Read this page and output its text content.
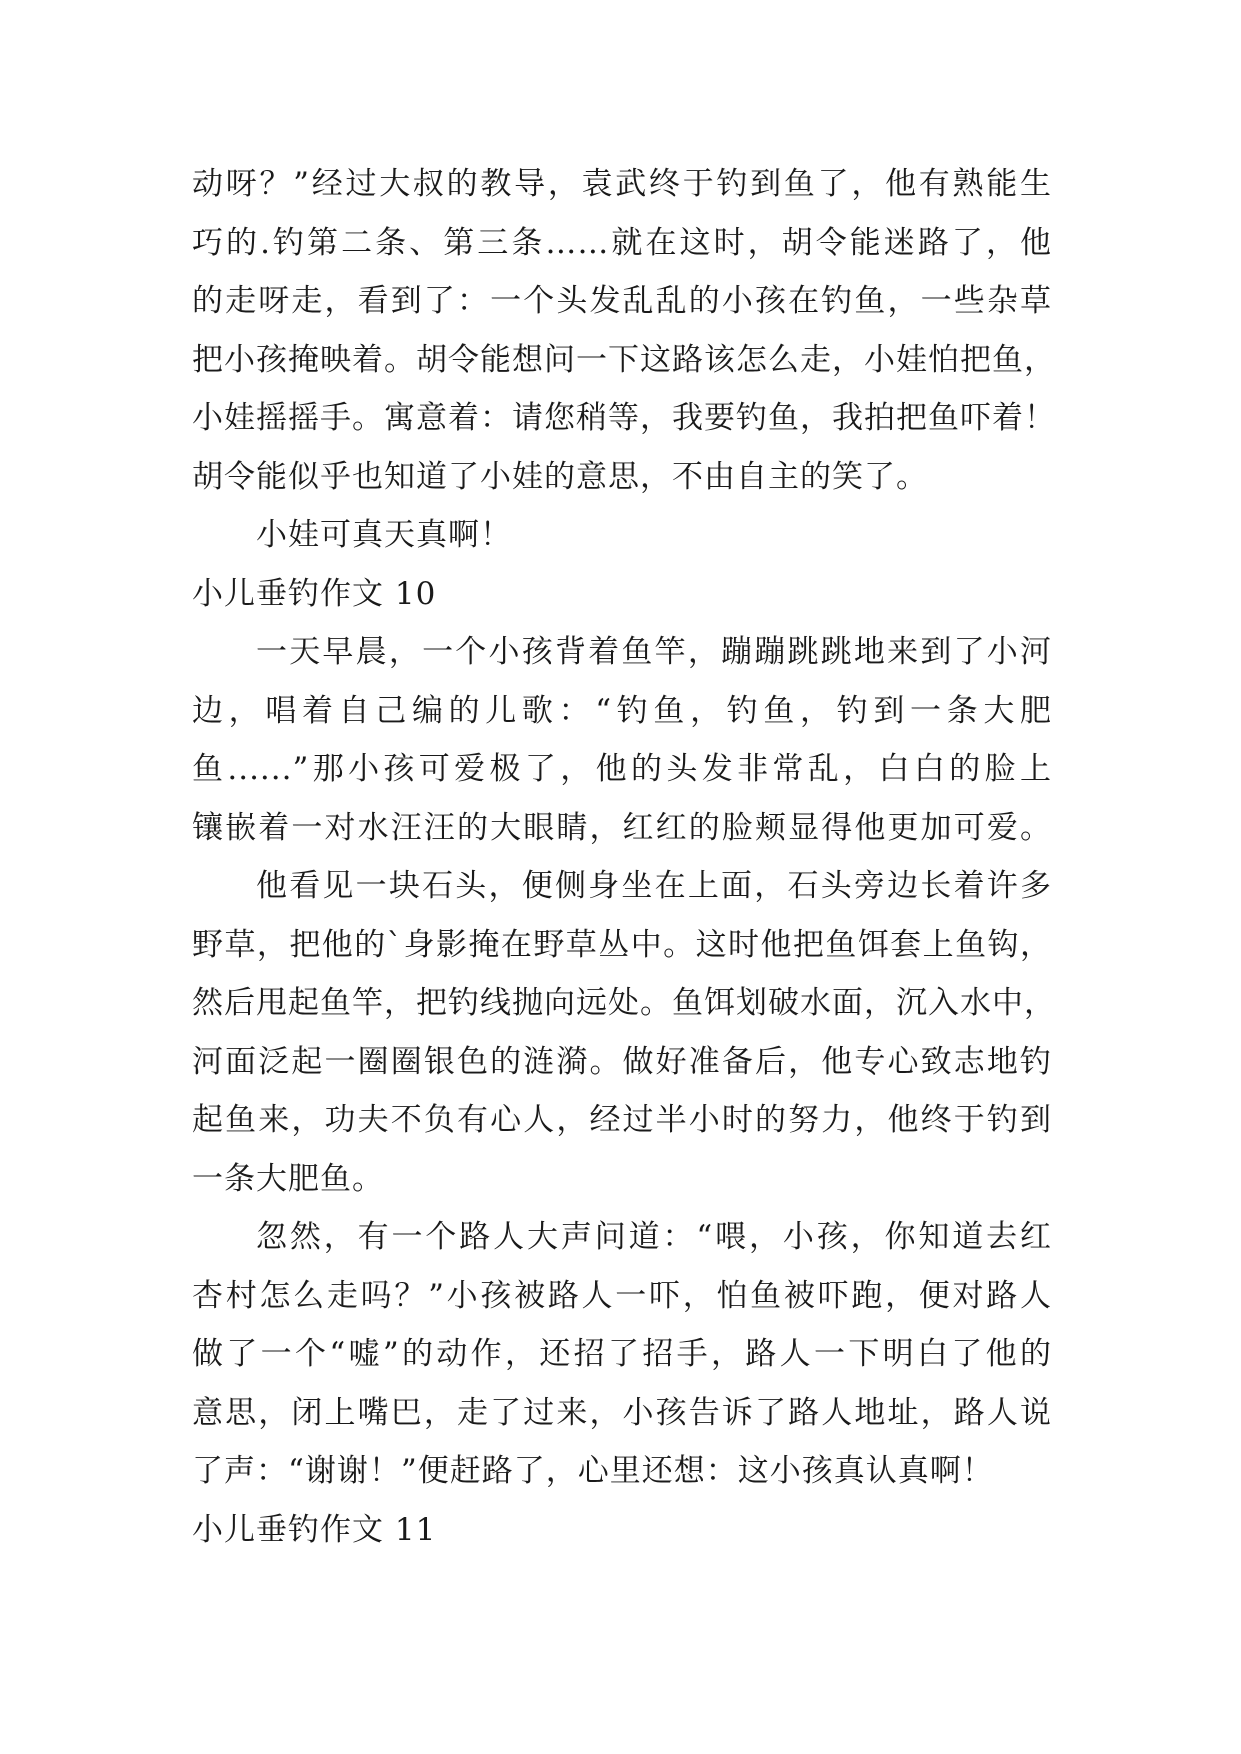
动呀？”经过大叔的教导，袁武终于钓到鱼了，他有熟能生
巧的.钓第二条、第三条……就在这时，胡令能迷路了，他
的走呀走，看到了：一个头发乱乱的小孩在钓鱼，一些杂草
把小孩掩映着。胡令能想问一下这路该怎么走，小娃怕把鱼，
小娃摇摇手。寓意着：请您稍等，我要钓鱼，我拍把鱼吓着！
胡令能似乎也知道了小娃的意思，不由自主的笑了。
小娃可真天真啊！
小儿垂钓作文 10
一天早晨，一个小孩背着鱼竿，蹦蹦跳跳地来到了小河
边，唱着自己编的儿歌：“钓鱼，钓鱼，钓到一条大肥
鱼......”那小孩可爱极了，他的头发非常乱，白白的脸上
镶嵌着一对水汪汪的大眼睛，红红的脸颊显得他更加可爱。
他看见一块石头，便侧身坐在上面，石头旁边长着许多
野草，把他的`身影掩在野草丛中。这时他把鱼饵套上鱼钩，
然后甩起鱼竿，把钓线抛向远处。鱼饵划破水面，沉入水中，
河面泛起一圈圈银色的涟漪。做好准备后，他专心致志地钓
起鱼来，功夫不负有心人，经过半小时的努力，他终于钓到
一条大肥鱼。
忽然，有一个路人大声问道：“喂，小孩，你知道去红
杏村怎么走吗？”小孩被路人一吓，怕鱼被吓跑，便对路人
做了一个“嘘”的动作，还招了招手，路人一下明白了他的
意思，闭上嘴巴，走了过来，小孩告诉了路人地址，路人说
了声：“谢谢！”便赶路了，心里还想：这小孩真认真啊！
小儿垂钓作文 11
